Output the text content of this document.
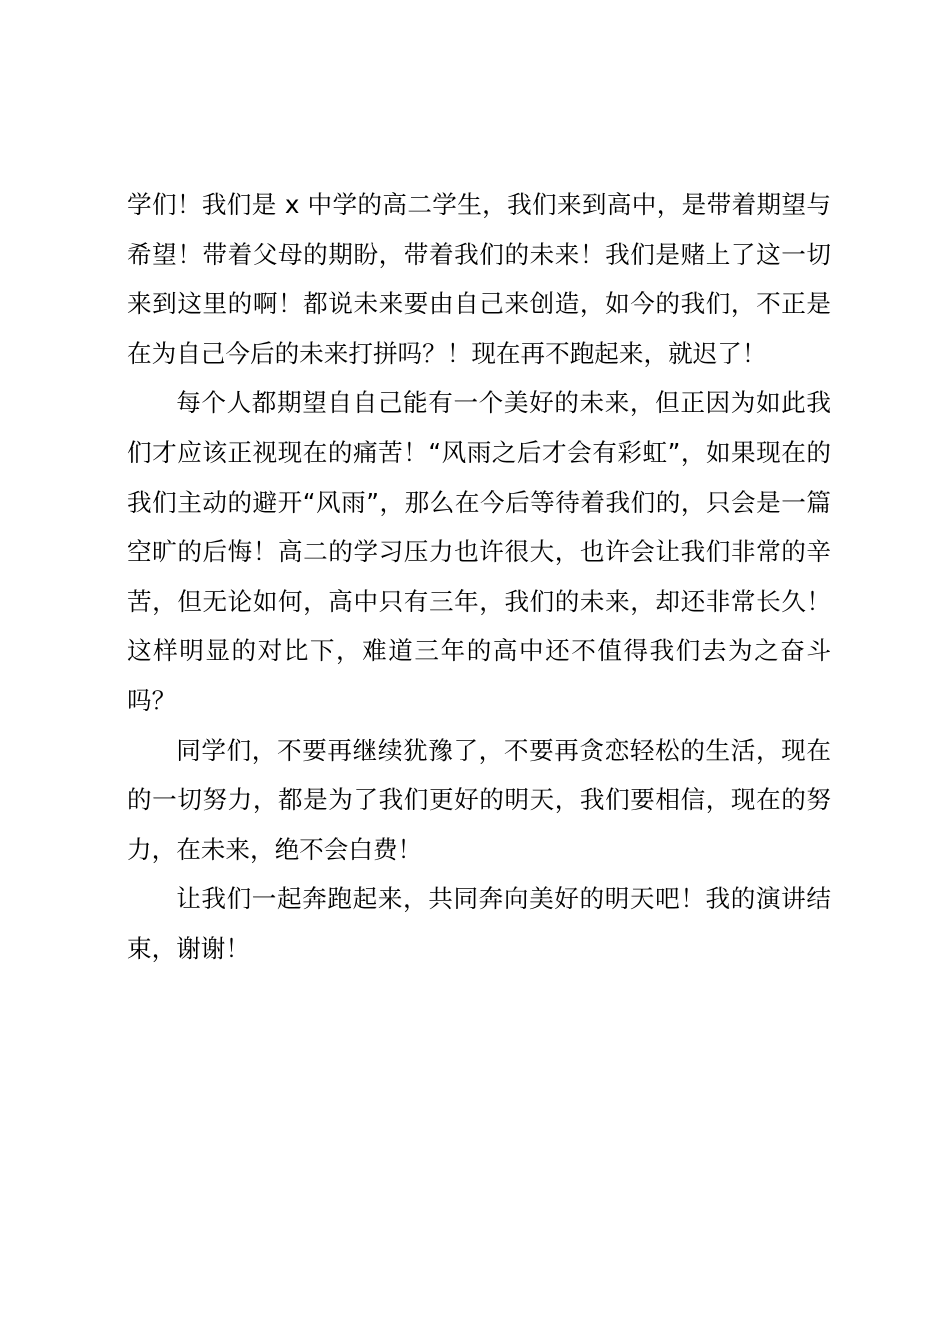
学们！我们是 x 中学的高二学生，我们来到高中，是带着期望与希望！带着父母的期盼，带着我们的未来！我们是赌上了这一切来到这里的啊！都说未来要由自己来创造，如今的我们，不正是在为自己今后的未来打拼吗？！现在再不跑起来，就迟了！

每个人都期望自自己能有一个美好的未来，但正因为如此我们才应该正视现在的痛苦！“风雨之后才会有彩虹”，如果现在的我们主动的避开“风雨”，那么在今后等待着我们的，只会是一篇空旷的后悔！高二的学习压力也许很大，也许会让我们非常的辛苦，但无论如何，高中只有三年，我们的未来，却还非常长久！这样明显的对比下，难道三年的高中还不值得我们去为之奋斗吗？

同学们，不要再继续犹豫了，不要再贪恋轻松的生活，现在的一切努力，都是为了我们更好的明天，我们要相信，现在的努力，在未来，绝不会白费！

让我们一起奔跑起来，共同奔向美好的明天吧！我的演讲结束，谢谢！
